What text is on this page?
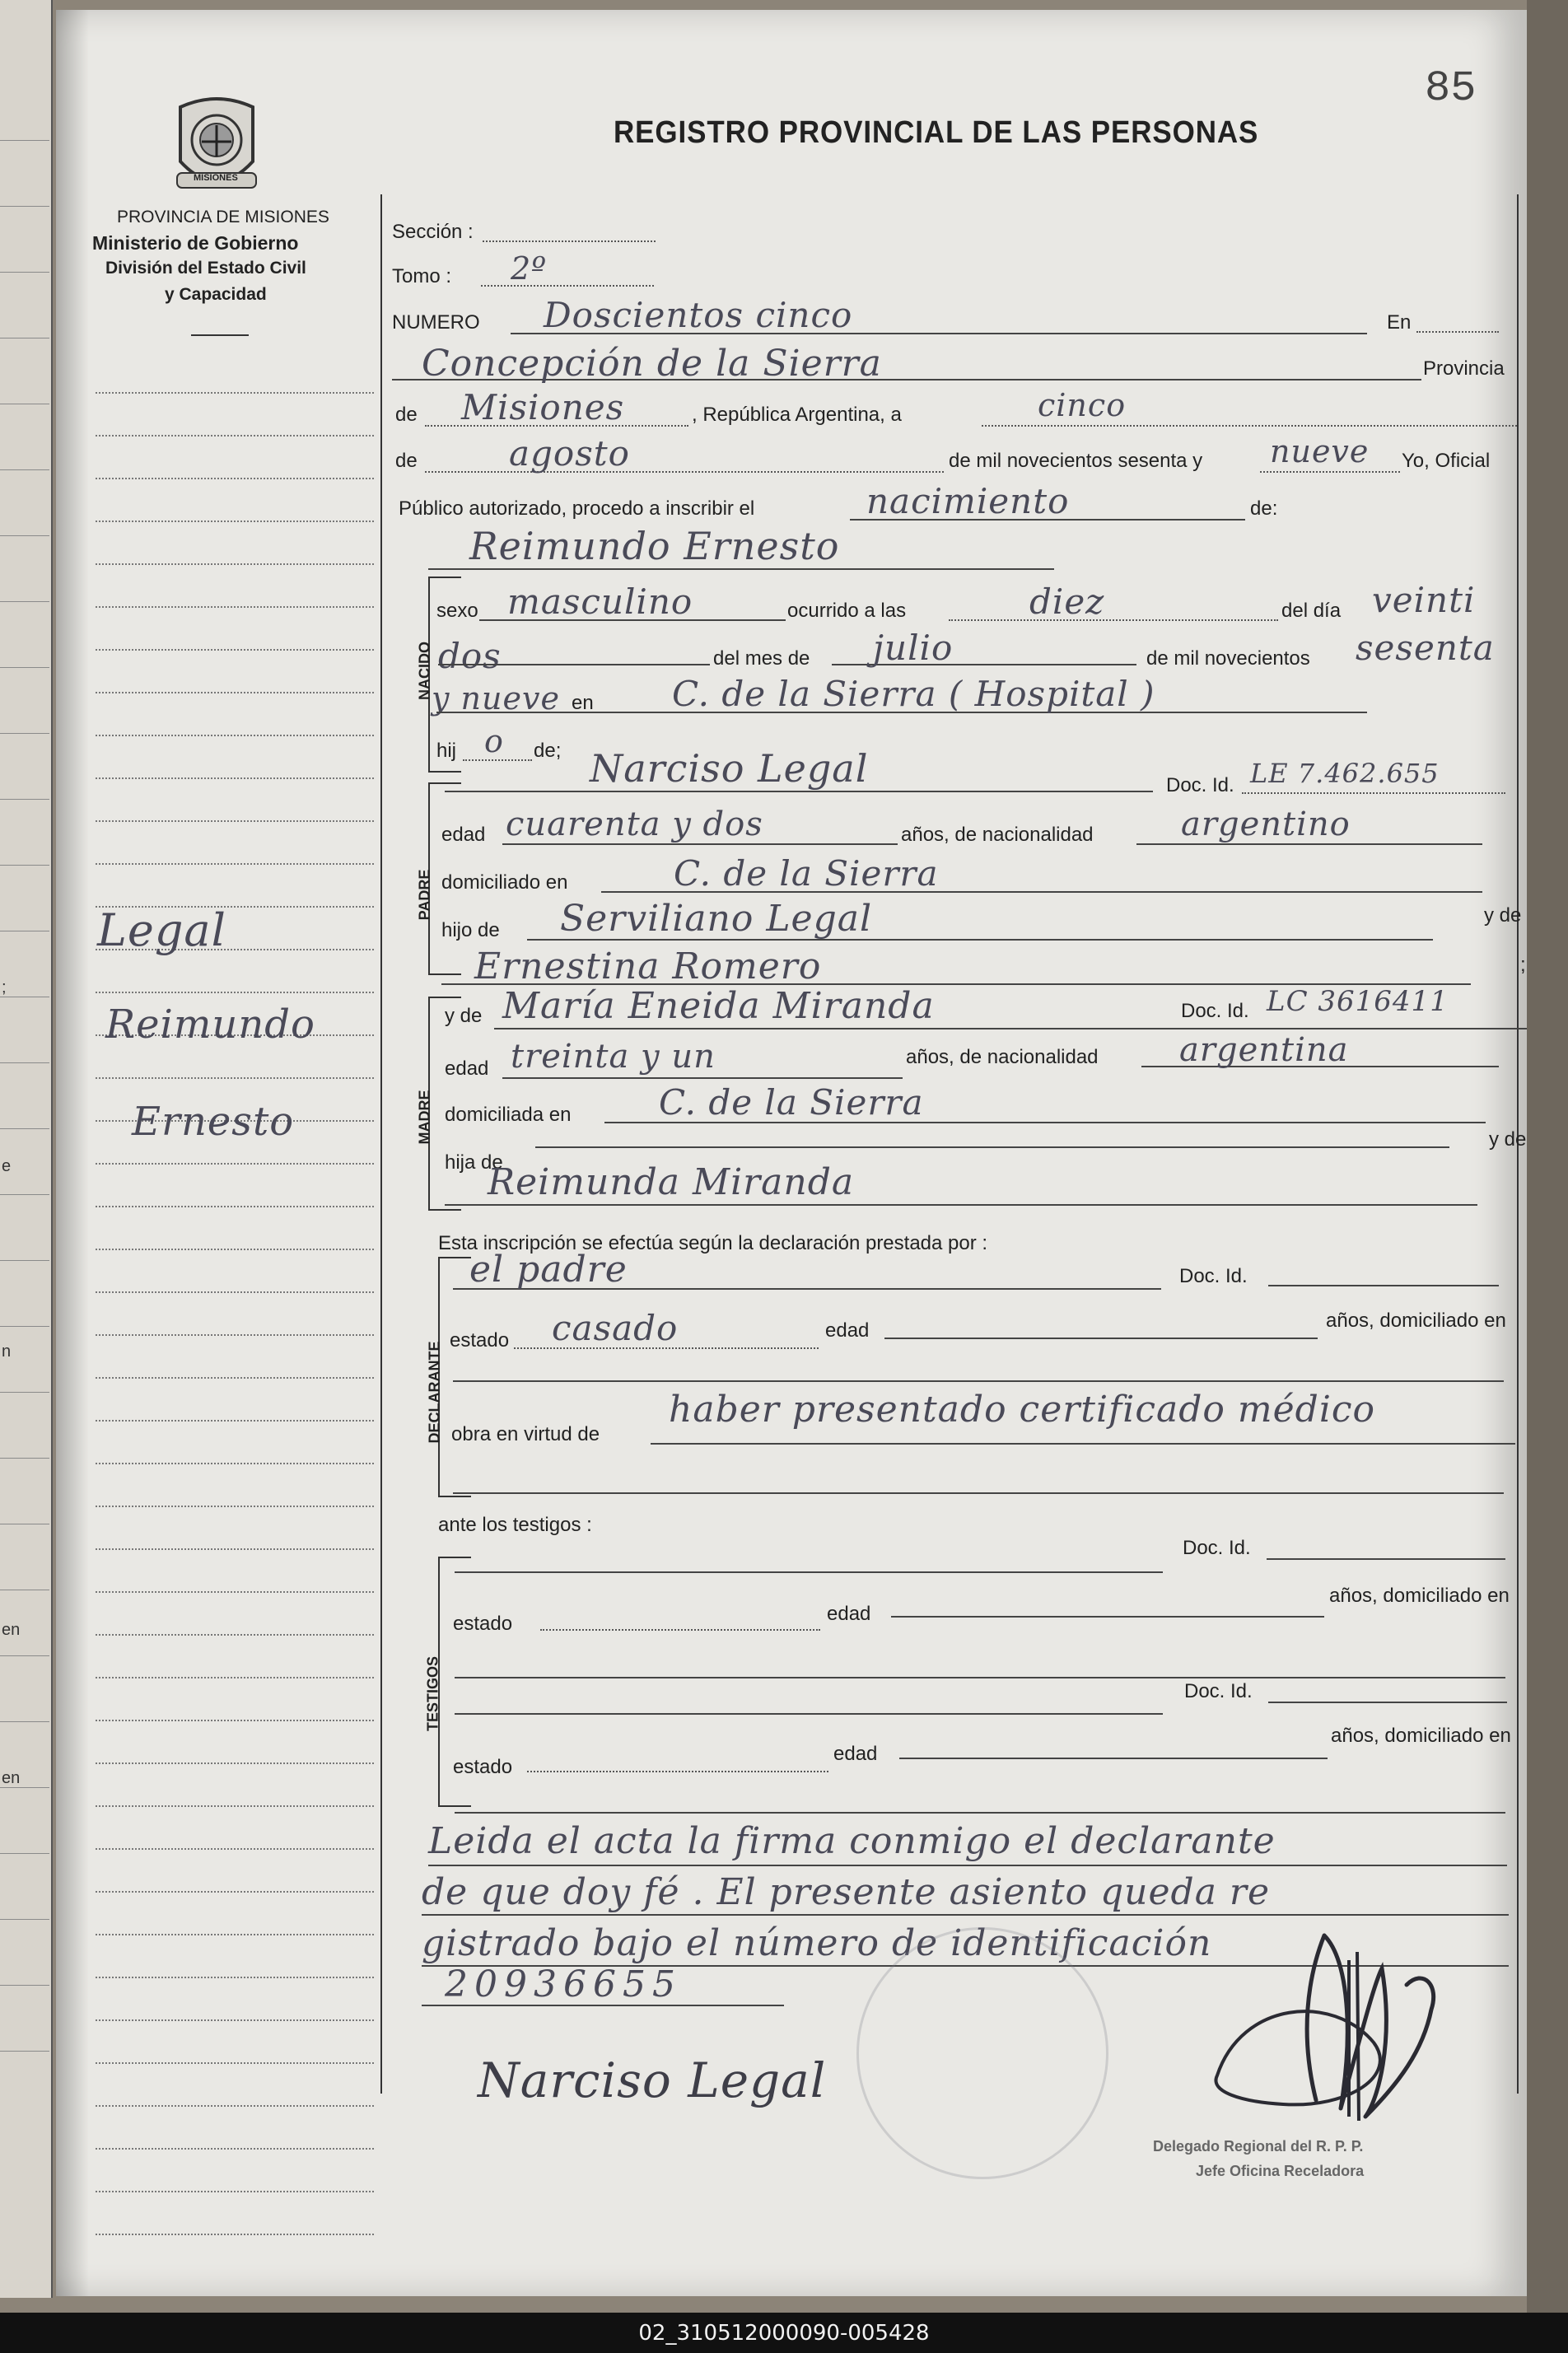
;
e
n
en
en
85
REGISTRO PROVINCIAL DE LAS PERSONAS
MISIONES
PROVINCIA DE MISIONES
Ministerio de Gobierno
División del Estado Civil
y Capacidad
Legal
Reimundo
Ernesto
Sección :
Tomo : 2º
NUMERO Doscientos cinco	En
Concepción de la Sierra	Provincia
de Misiones	, República Argentina, a	cinco
de	agosto	de mil novecientos sesenta y nueve Yo, Oficial
Público autorizado, procedo a inscribir el	nacimiento	de:
Reimundo Ernesto
NACIDO
sexo masculino	ocurrido a las	diez	del día veinti
dos	del mes de julio	de mil novecientos sesenta
y nueve en C. de la Sierra ( Hospital )
hij o de;
PADRE
Narciso Legal	Doc. Id. LE 7.462.655
edad cuarenta y dos	años, de nacionalidad	argentino
domiciliado en	C. de la Sierra
hijo de Serviliano Legal	y de
Ernestina Romero	;
MADRE
y de María Eneida Miranda	Doc. Id. LC 3616411
edad treinta y un	años, de nacionalidad argentina
domiciliada en	C. de la Sierra
hija de
y de
Reimunda Miranda
Esta inscripción se efectúa según la declaración prestada por :
DECLARANTE
el padre	Doc. Id.
estado casado	edad	años, domiciliado en
obra en virtud de
haber presentado certificado médico
ante los testigos :
TESTIGOS
Doc. Id.
estado	edad
años, domiciliado en
Doc. Id.
estado
edad
años, domiciliado en
Leida el acta la firma conmigo el declarante
de que doy fé . El presente asiento queda re
gistrado bajo el número de identificación
20936655
Narciso Legal
Delegado Regional del R. P. P.
Jefe Oficina Receladora
02_310512000090-005428
